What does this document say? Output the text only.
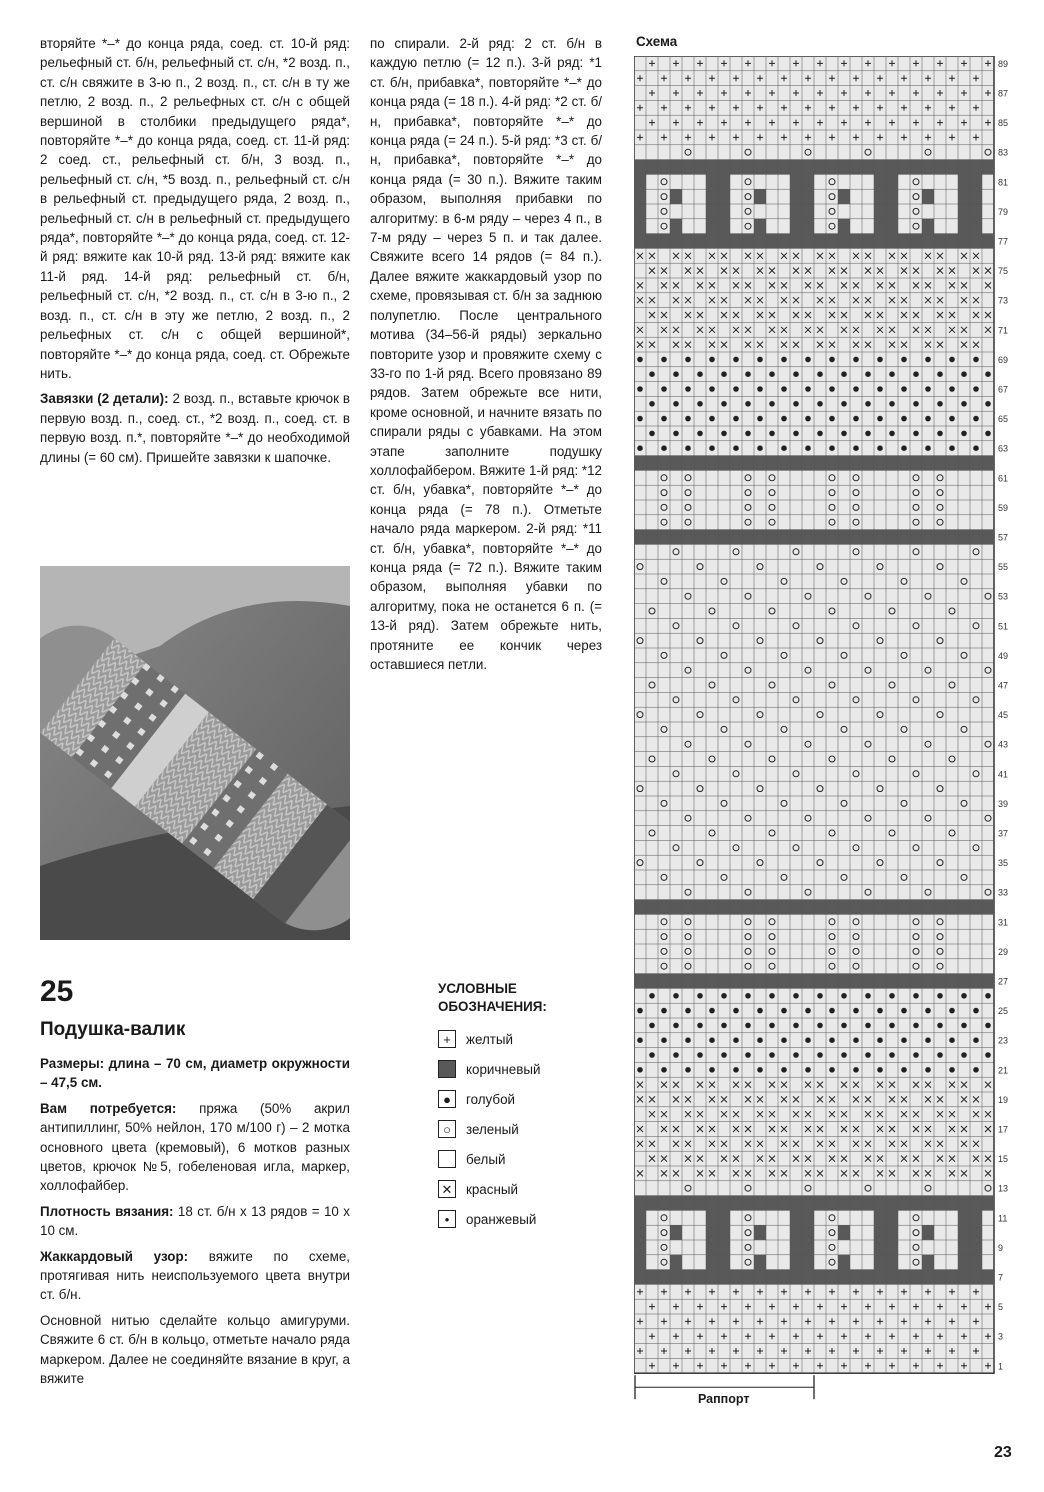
вторяйте *–* до конца ряда, соед. ст. 10-й ряд: рельефный ст. б/н, рельефный ст. с/н, *2 возд. п., ст. с/н свяжите в 3-ю п., 2 возд. п., ст. с/н в ту же петлю, 2 возд. п., 2 рельефных ст. с/н с общей вершиной в столбики предыдущего ряда*, повторяйте *–* до конца ряда, соед. ст. 11-й ряд: 2 соед. ст., рельефный ст. б/н, 3 возд. п., рельефный ст. с/н, *5 возд. п., рельефный ст. с/н в рельефный ст. предыдущего ряда, 2 возд. п., рельефный ст. с/н в рельефный ст. предыдущего ряда*, повторяйте *–* до конца ряда, соед. ст. 12-й ряд: вяжите как 10-й ряд. 13-й ряд: вяжите как 11-й ряд. 14-й ряд: рельефный ст. б/н, рельефный ст. с/н, *2 возд. п., ст. с/н в 3-ю п., 2 возд. п., ст. с/н в эту же петлю, 2 возд. п., 2 рельефных ст. с/н с общей вершиной*, повторяйте *–* до конца ряда, соед. ст. Обрежьте нить.

Завязки (2 детали): 2 возд. п., вставьте крючок в первую возд. п., соед. ст., *2 возд. п., соед. ст. в первую возд. п.*, повторяйте *–* до необходимой длины (= 60 см). Пришейте завязки к шапочке.

по спирали. 2-й ряд: 2 ст. б/н в каждую петлю (= 12 п.). 3-й ряд: *1 ст. б/н, прибавка*, повторяйте *–* до конца ряда (= 18 п.). 4-й ряд: *2 ст. б/н, прибавка*, повторяйте *–* до конца ряда (= 24 п.). 5-й ряд: *3 ст. б/н, прибавка*, повторяйте *–* до конца ряда (= 30 п.). Вяжите таким образом, выполняя прибавки по алгоритму: в 6-м ряду – через 4 п., в 7-м ряду – через 5 п. и так далее. Свяжите всего 14 рядов (= 84 п.). Далее вяжите жаккардовый узор по схеме, провязывая ст. б/н за заднюю полупетлю. После центрального мотива (34–56-й ряды) зеркально повторите узор и провяжите схему с 33-го по 1-й ряд. Всего провязано 89 рядов. Затем обрежьте все нити, кроме основной, и начните вязать по спирали ряды с убавками. На этом этапе заполните подушку холлофайбером. Вяжите 1-й ряд: *12 ст. б/н, убавка*, повторяйте *–* до конца ряда (= 78 п.). Отметьте начало ряда маркером. 2-й ряд: *11 ст. б/н, убавка*, повторяйте *–* до конца ряда (= 72 п.). Вяжите таким образом, выполняя убавки по алгоритму, пока не останется 6 п. (= 13-й ряд). Затем обрежьте нить, протяните ее кончик через оставшиеся петли.

25
Подушка-валик

Размеры: длина – 70 см, диаметр окружности – 47,5 см.

Вам потребуется: пряжа (50% акрил антипиллинг, 50% нейлон, 170 м/100 г) – 2 мотка основного цвета (кремовый), 6 мотков разных цветов, крючок №5, гобеленовая игла, маркер, холлофайбер.

Плотность вязания: 18 ст. б/н х 13 рядов = 10 х 10 см.

Жаккардовый узор: вяжите по схеме, протягивая нить неиспользуемого цвета внутри ст. б/н.

Основной нитью сделайте кольцо амигуруми. Свяжите 6 ст. б/н в кольцо, отметьте начало ряда маркером. Далее не соединяйте вязание в круг, а вяжите

УСЛОВНЫЕ ОБОЗНАЧЕНИЯ:
+	желтый
коричневый
●	голубой
○	зеленый
белый
✕ красный
•	оранжевый
Схема
1
3
5
7
9
11
13
15
17
19
21
23
25
27
29
31
33
35
37
39
41
43
45
47
49
51
53
55
57
59
61
63
65
67
69
71
73
75
77
79
81
83
85
87
89
Раппорт
23
